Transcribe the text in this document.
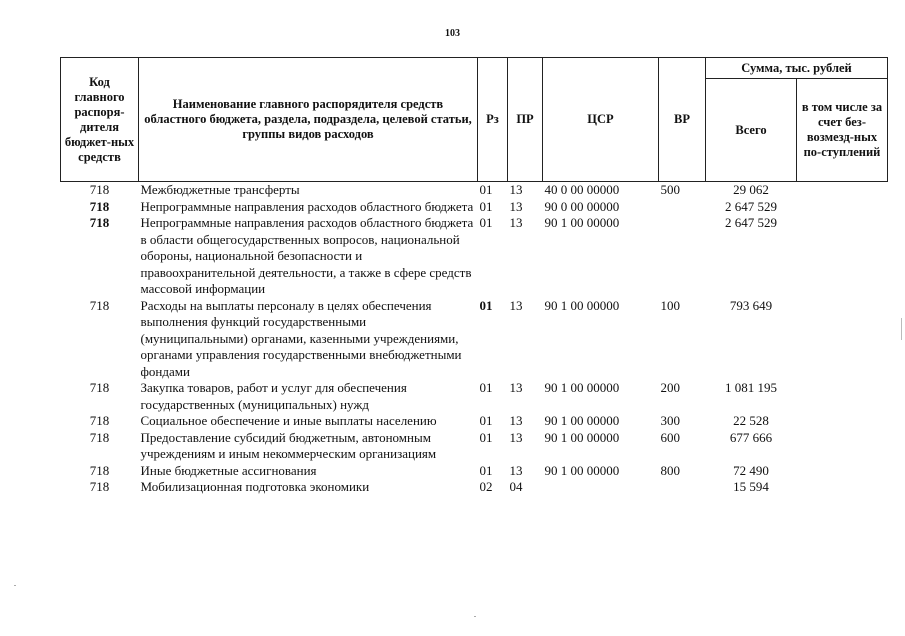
103
Код главного распоря-дителя бюджет-ных средств	Наименование главного распорядителя средств областного бюджета, раздела, подраздела, целевой статьи, группы видов расходов	Рз	ПР	ЦСР	ВР	Сумма, тыс. рублей	
						Всего	в том числе за счет без-возмезд-ных по-ступлений
718	Межбюджетные трансферты	01	13	40 0 00 00000	500	29 062	
718	Непрограммные направления расходов областного бюджета	01	13	90 0 00 00000		2 647 529	
718	Непрограммные направления расходов областного бюджета в области общегосударственных вопросов, национальной обороны, национальной безопасности и правоохранительной деятельности, а также в сфере средств массовой информации	01	13	90 1 00 00000		2 647 529	
718	Расходы на выплаты персоналу в целях обеспечения выполнения функций государственными (муниципальными) органами, казенными учреждениями, органами управления государственными внебюджетными фондами	01	13	90 1 00 00000	100	793 649	
718	Закупка товаров, работ и услуг для обеспечения государственных (муниципальных) нужд	01	13	90 1 00 00000	200	1 081 195	
718	Социальное обеспечение и иные выплаты населению	01	13	90 1 00 00000	300	22 528	
718	Предоставление субсидий бюджетным, автономным учреждениям и иным некоммерческим организациям	01	13	90 1 00 00000	600	677 666	
718	Иные бюджетные ассигнования	01	13	90 1 00 00000	800	72 490	
718	Мобилизационная подготовка экономики	02	04			15 594	
